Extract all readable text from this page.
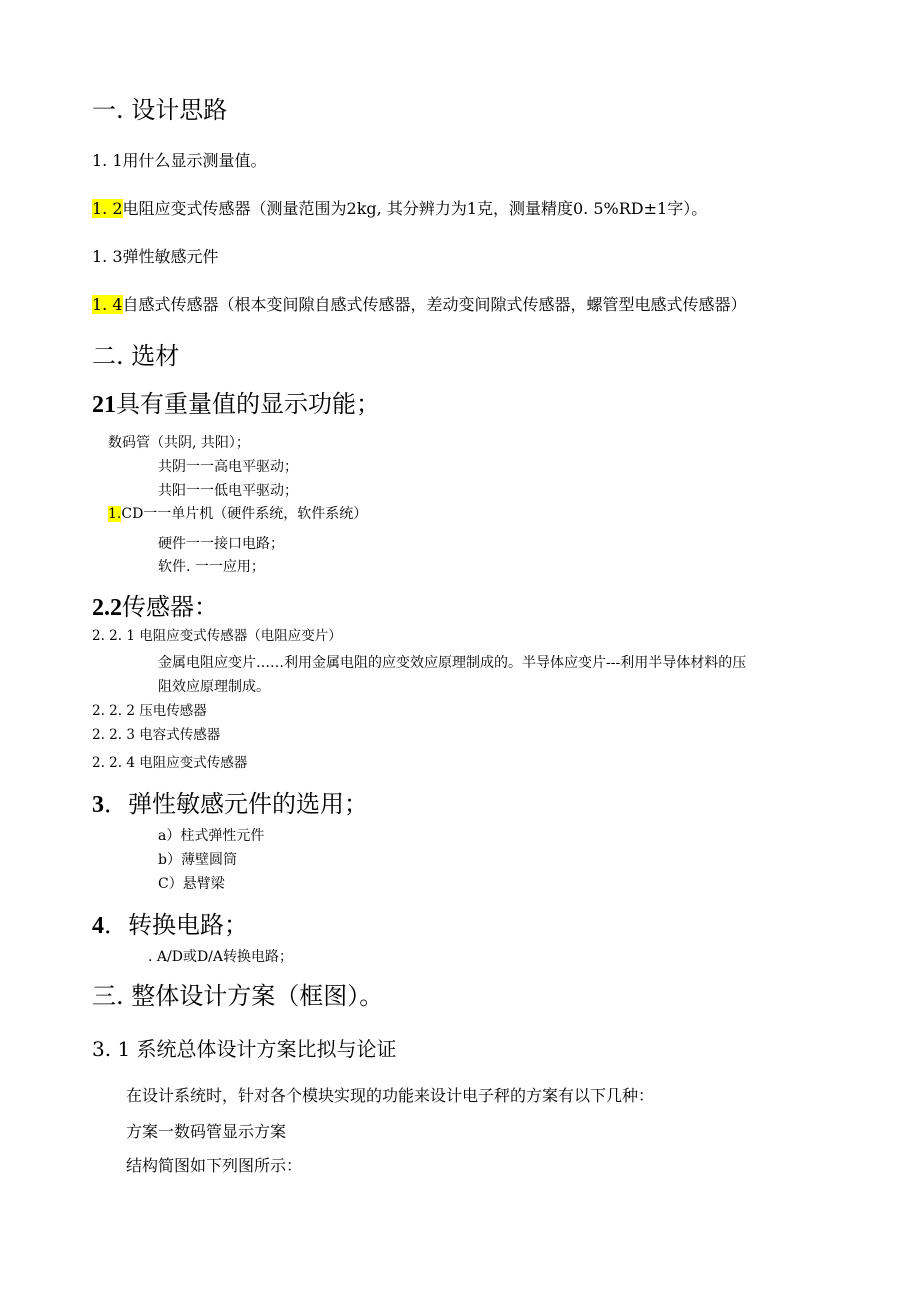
一. 设计思路
1. 1用什么显示测量值。
1. 2电阻应变式传感器（测量范围为2kg, 其分辨力为1克，测量精度0. 5%RD±1字）。
1. 3弹性敏感元件
1. 4自感式传感器（根本变间隙自感式传感器，差动变间隙式传感器，螺管型电感式传感器）
二. 选材
21具有重量值的显示功能；
数码管（共阴, 共阳）；
共阴一一高电平驱动；
共阳一一低电平驱动；
1.CD一一单片机（硬件系统，软件系统）
硬件一一接口电路；
软件. 一一应用；
2.2传感器：
2. 2. 1 电阻应变式传感器（电阻应变片）
金属电阻应变片……利用金属电阻的应变效应原理制成的。半导体应变片---利用半导体材料的压
阻效应原理制成。
2. 2. 2 压电传感器
2. 2. 3 电容式传感器
2. 2. 4 电阻应变式传感器
3．弹性敏感元件的选用；
a）柱式弹性元件
b）薄壁圆筒
C）悬臂梁
4．转换电路；
. A/D或D/A转换电路；
三. 整体设计方案（框图）。
3. 1 系统总体设计方案比拟与论证
在设计系统时，针对各个模块实现的功能来设计电子秤的方案有以下几种：
方案一数码管显示方案
结构简图如下列图所示：
